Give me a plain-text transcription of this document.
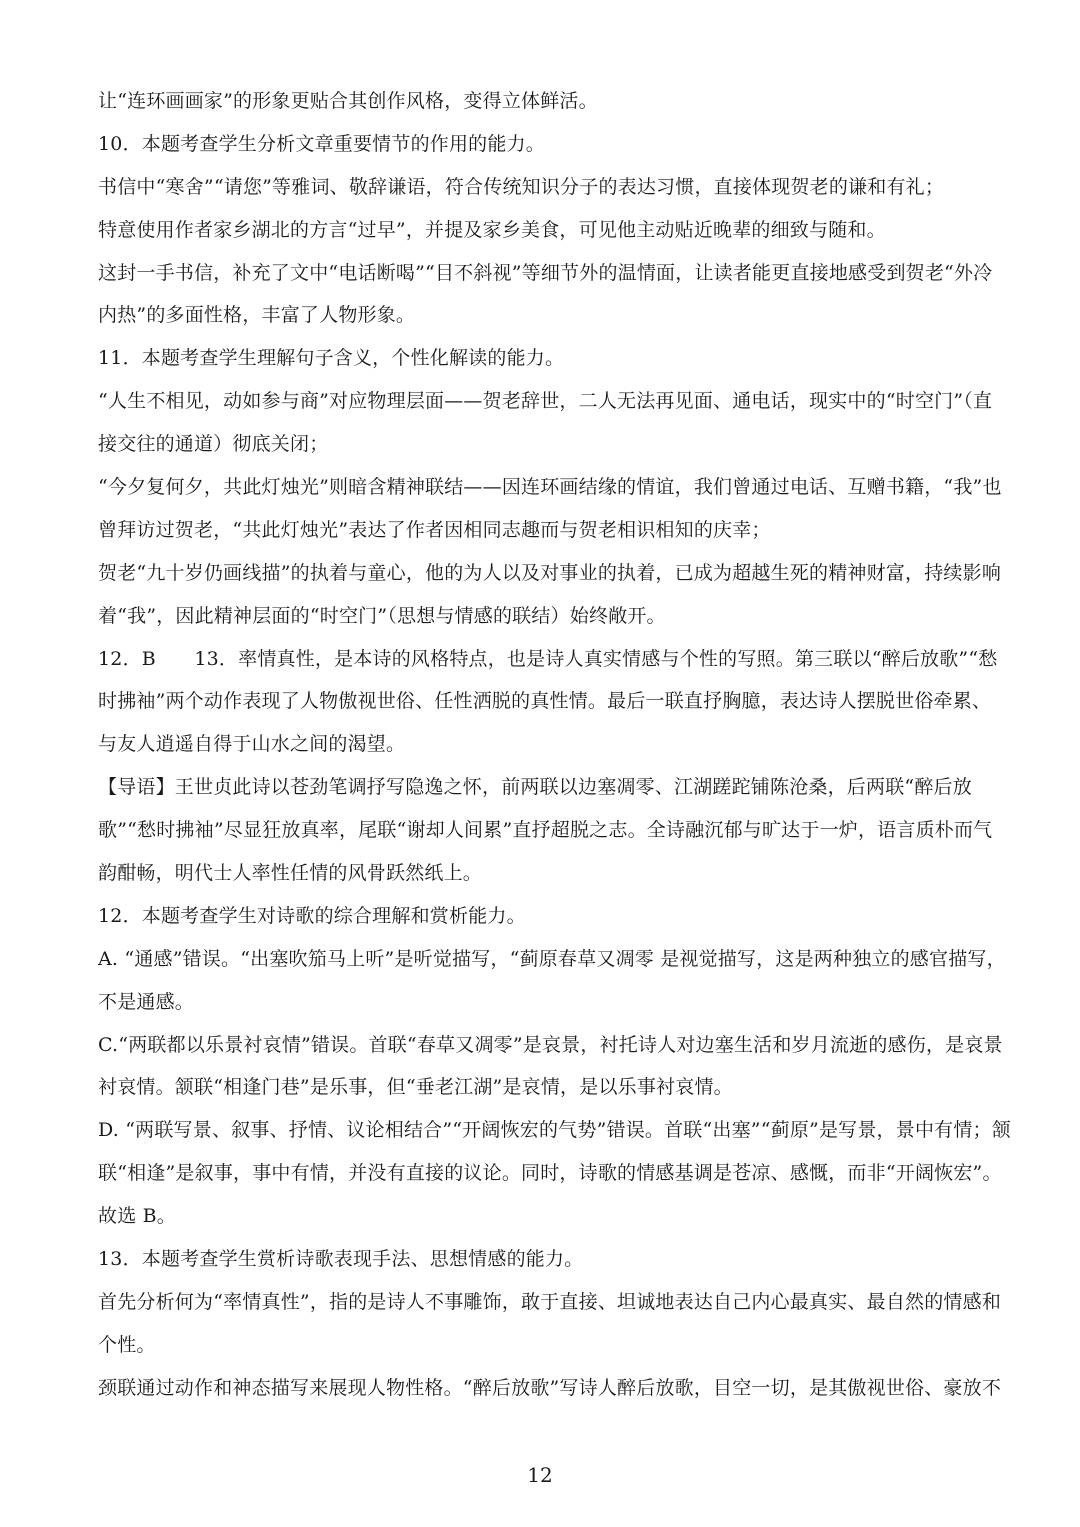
让“连环画画家”的形象更贴合其创作风格，变得立体鲜活。
10．本题考查学生分析文章重要情节的作用的能力。
书信中“寒舍”“请您”等雅词、敬辞谦语，符合传统知识分子的表达习惯，直接体现贺老的谦和有礼；
特意使用作者家乡湖北的方言“过早”，并提及家乡美食，可见他主动贴近晚辈的细致与随和。
这封一手书信，补充了文中“电话断喝”“目不斜视”等细节外的温情面，让读者能更直接地感受到贺老“外冷
内热”的多面性格，丰富了人物形象。
11．本题考查学生理解句子含义，个性化解读的能力。
“人生不相见，动如参与商”对应物理层面——贺老辞世，二人无法再见面、通电话，现实中的“时空门”（直
接交往的通道）彻底关闭；
“今夕复何夕，共此灯烛光”则暗含精神联结——因连环画结缘的情谊，我们曾通过电话、互赠书籍，“我”也
曾拜访过贺老，“共此灯烛光”表达了作者因相同志趣而与贺老相识相知的庆幸；
贺老“九十岁仍画线描”的执着与童心，他的为人以及对事业的执着，已成为超越生死的精神财富，持续影响
着“我”，因此精神层面的“时空门”（思想与情感的联结）始终敞开。
12．B　　13．率情真性，是本诗的风格特点，也是诗人真实情感与个性的写照。第三联以“醉后放歌”“愁
时拂袖”两个动作表现了人物傲视世俗、任性洒脱的真性情。最后一联直抒胸臆，表达诗人摆脱世俗牵累、
与友人逍遥自得于山水之间的渴望。
【导语】王世贞此诗以苍劲笔调抒写隐逸之怀，前两联以边塞凋零、江湖蹉跎铺陈沧桑，后两联“醉后放
歌”“愁时拂袖”尽显狂放真率，尾联“谢却人间累”直抒超脱之志。全诗融沉郁与旷达于一炉，语言质朴而气
韵酣畅，明代士人率性任情的风骨跃然纸上。
12．本题考查学生对诗歌的综合理解和赏析能力。
A. “通感”错误。“出塞吹笳马上听”是听觉描写，“蓟原春草又凋零 是视觉描写，这是两种独立的感官描写，
不是通感。
C.“两联都以乐景衬哀情”错误。首联“春草又凋零”是哀景，衬托诗人对边塞生活和岁月流逝的感伤，是哀景
衬哀情。颔联“相逢门巷”是乐事，但“垂老江湖”是哀情，是以乐事衬哀情。
D. “两联写景、叙事、抒情、议论相结合”“开阔恢宏的气势”错误。首联“出塞”“蓟原”是写景，景中有情；颔
联“相逢”是叙事，事中有情，并没有直接的议论。同时，诗歌的情感基调是苍凉、感慨，而非“开阔恢宏”。
故选 B。
13．本题考查学生赏析诗歌表现手法、思想情感的能力。
首先分析何为“率情真性”，指的是诗人不事雕饰，敢于直接、坦诚地表达自己内心最真实、最自然的情感和
个性。
颈联通过动作和神态描写来展现人物性格。“醉后放歌”写诗人醉后放歌，目空一切，是其傲视世俗、豪放不
12
